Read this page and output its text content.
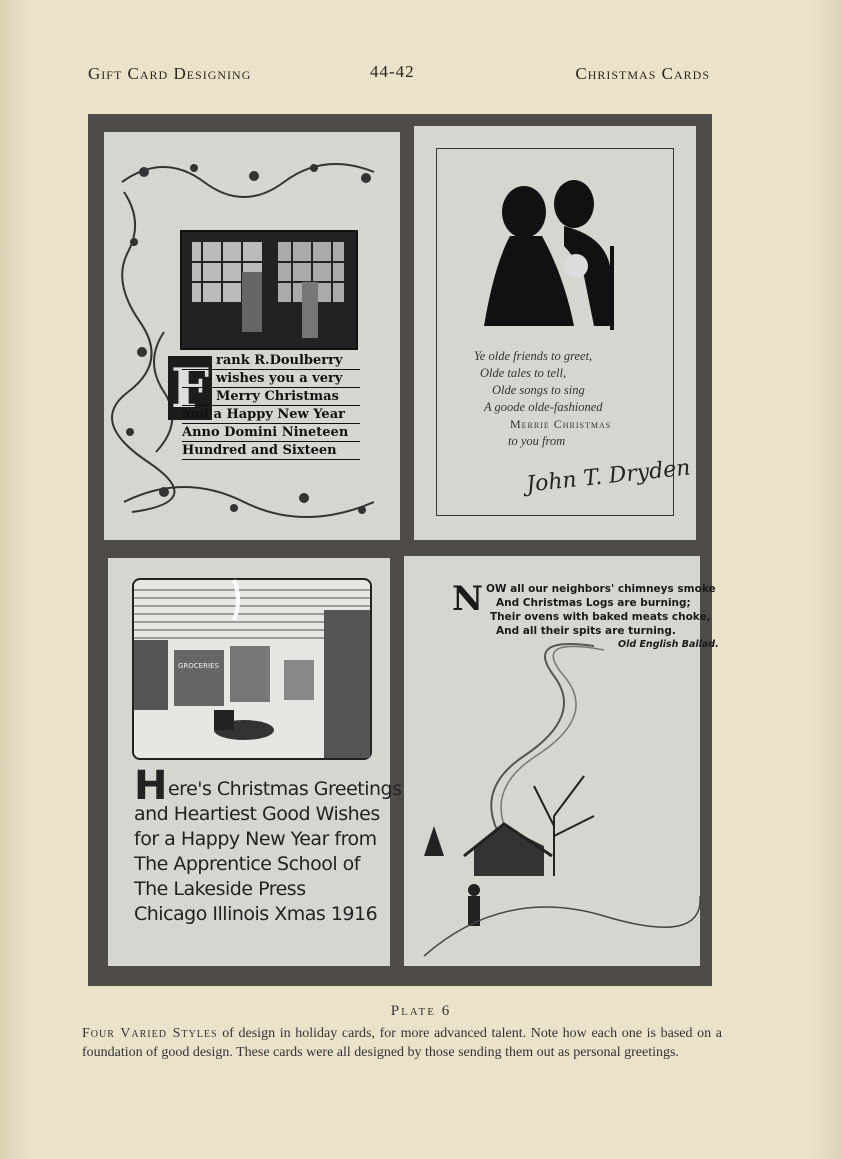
Gift Card Designing	44-42	Christmas Cards
F rank R.Doulberry
wishes you a very
Merry Christmas
and a Happy New Year
Anno Domini Nineteen
Hundred and Sixteen
Ye olde friends to greet,
Olde tales to tell,
Olde songs to sing
A goode olde-fashioned
Merrie Christmas
to you from
John T. Dryden
GROCERIES
Here's Christmas Greetings
and Heartiest Good Wishes
for a Happy New Year from
The Apprentice School of
The Lakeside Press
Chicago Illinois Xmas 1916
N OW all our neighbors' chimneys smoke
And Christmas Logs are burning;
Their ovens with baked meats choke,
And all their spits are turning.
Old English Ballad.
Plate 6
Four Varied Styles of design in holiday cards, for more advanced talent. Note how each one is based on a foundation of good design. These cards were all designed by those sending them out as personal greetings.
